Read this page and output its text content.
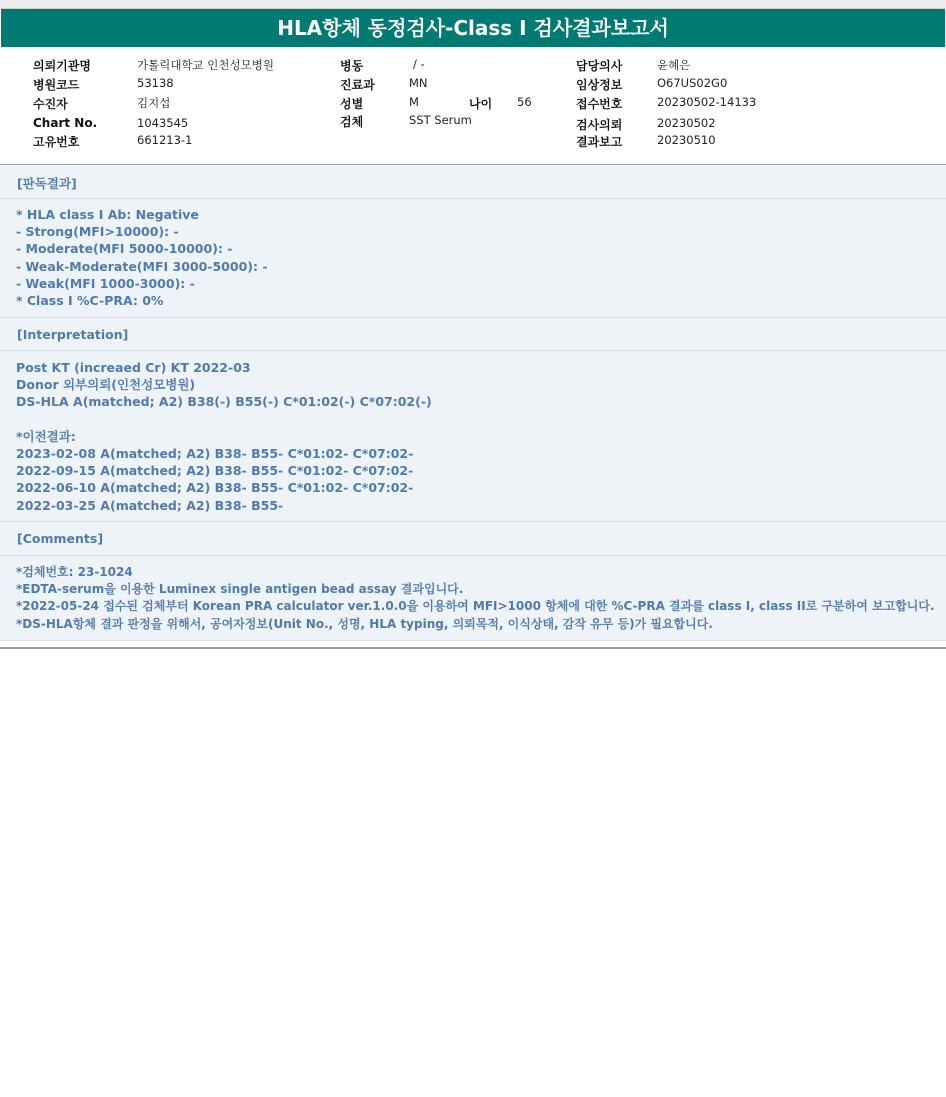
HLA항체 동정검사-Class I 검사결과보고서
의뢰기관명	가톨릭대학교 인천성모병원
병원코드	53138
수진자	김지섭
Chart No.	1043545
고유번호	661213-1
병동	/ -
진료과	MN
성별	M	나이 56
검체	SST Serum
담당의사	윤혜은
임상정보	O67US02G0
접수번호	20230502-14133
검사의뢰	20230502
결과보고	20230510
[판독결과]
* HLA class I Ab: Negative
- Strong(MFI>10000): -
- Moderate(MFI 5000-10000): -
- Weak-Moderate(MFI 3000-5000): -
- Weak(MFI 1000-3000): -
* Class I %C-PRA: 0%
[Interpretation]
Post KT (increaed Cr) KT 2022-03
Donor 외부의뢰(인천성모병원)
DS-HLA A(matched; A2) B38(-) B55(-) C*01:02(-) C*07:02(-)
*이전결과:
2023-02-08 A(matched; A2) B38- B55- C*01:02- C*07:02-
2022-09-15 A(matched; A2) B38- B55- C*01:02- C*07:02-
2022-06-10 A(matched; A2) B38- B55- C*01:02- C*07:02-
2022-03-25 A(matched; A2) B38- B55-
[Comments]
*검체번호: 23-1024
*EDTA-serum을 이용한 Luminex single antigen bead assay 결과입니다.
*2022-05-24 접수된 검체부터 Korean PRA calculator ver.1.0.0을 이용하여 MFI>1000 항체에 대한 %C-PRA 결과를 class I, class II로 구분하여 보고합니다.
*DS-HLA항체 결과 판정을 위해서, 공여자정보(Unit No., 성명, HLA typing, 의뢰목적, 이식상태, 감작 유무 등)가 필요합니다.
